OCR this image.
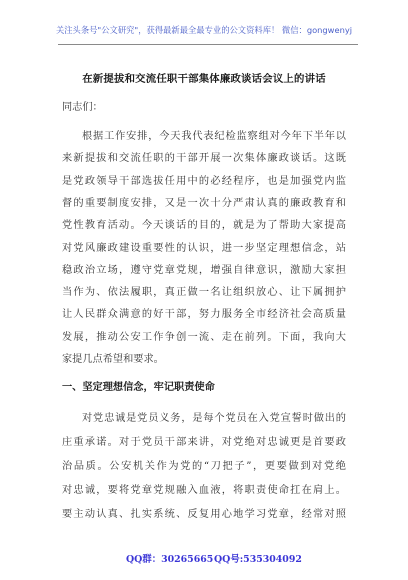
关注头条号"公文研究"，获得最新最全最专业的公文资料库！ 微信：gongwenyj
在新提拔和交流任职干部集体廉政谈话会议上的讲话
同志们：
根据工作安排，今天我代表纪检监察组对今年下半年以
来新提拔和交流任职的干部开展一次集体廉政谈话。这既
是党政领导干部选拔任用中的必经程序，也是加强党内监
督的重要制度安排，又是一次十分严肃认真的廉政教育和
党性教育活动。今天谈话的目的，就是为了帮助大家提高
对党风廉政建设重要性的认识，进一步坚定理想信念，站
稳政治立场，遵守党章党规，增强自律意识，激励大家担
当作为、依法履职，真正做一名让组织放心、让下属拥护
让人民群众满意的好干部，努力服务全市经济社会高质量
发展，推动公安工作争创一流、走在前列。下面，我向大
家提几点希望和要求。
一、坚定理想信念，牢记职责使命
对党忠诚是党员义务，是每个党员在入党宣誓时做出的
庄重承诺。对于党员干部来讲，对党绝对忠诚更是首要政
治品质。公安机关作为党的“刀把子”，更要做到对党绝
对忠诚，要将党章党规融入血液，将职责使命扛在肩上。
要主动认真、扎实系统、反复用心地学习党章，经常对照
QQ群：30265665 QQ号:535304092
